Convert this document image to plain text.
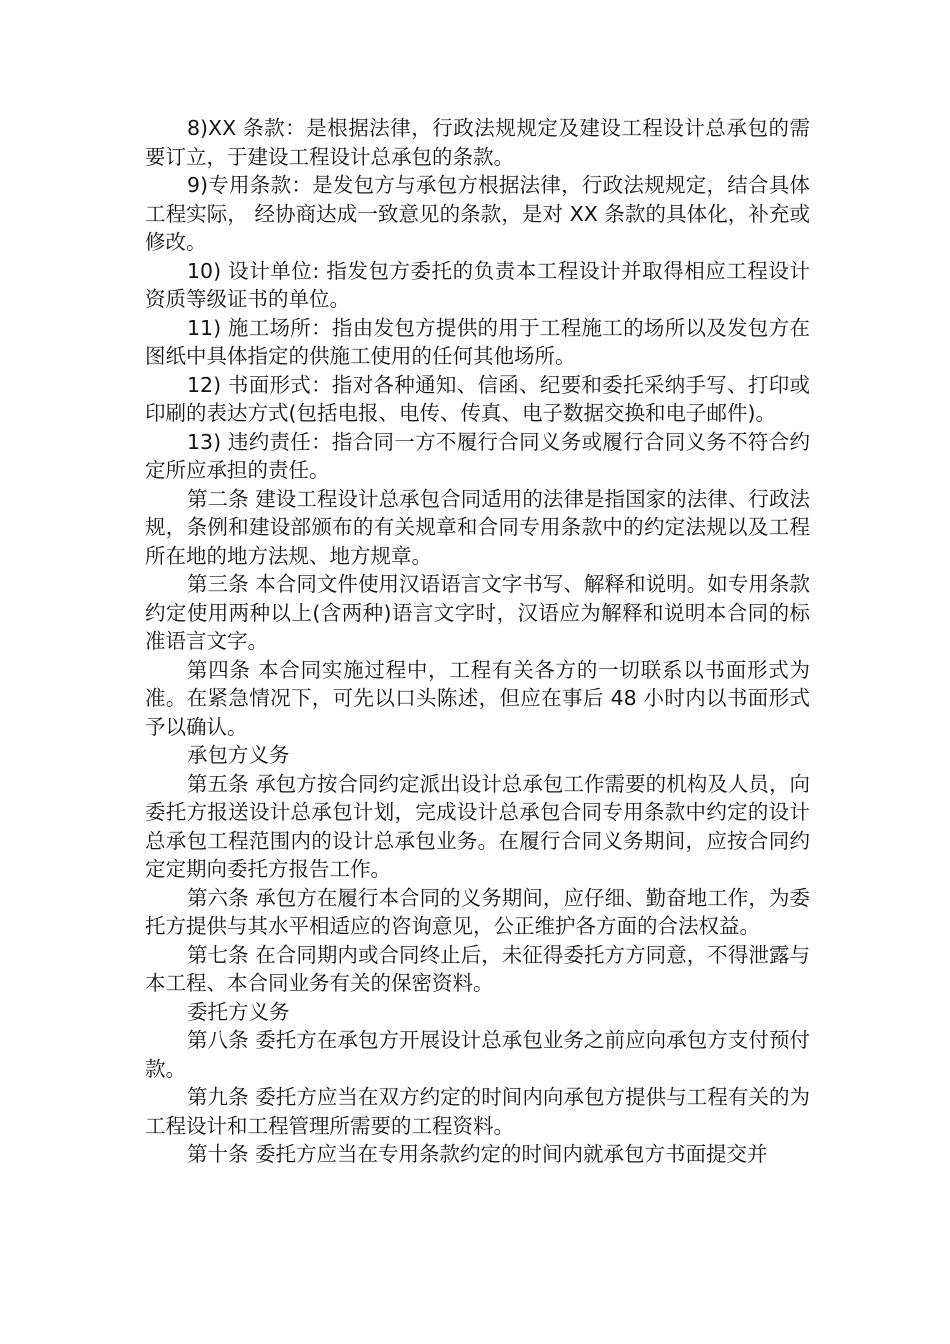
8)XX 条款：是根据法律，行政法规规定及建设工程设计总承包的需要订立，于建设工程设计总承包的条款。

9)专用条款：是发包方与承包方根据法律，行政法规规定，结合具体工程实际， 经协商达成一致意见的条款，是对 XX 条款的具体化，补充或修改。

10) 设计单位: 指发包方委托的负责本工程设计并取得相应工程设计资质等级证书的单位。

11) 施工场所：指由发包方提供的用于工程施工的场所以及发包方在图纸中具体指定的供施工使用的任何其他场所。

12) 书面形式：指对各种通知、信函、纪要和委托采纳手写、打印或印刷的表达方式(包括电报、电传、传真、电子数据交换和电子邮件)。

13) 违约责任：指合同一方不履行合同义务或履行合同义务不符合约定所应承担的责任。

第二条 建设工程设计总承包合同适用的法律是指国家的法律、行政法规，条例和建设部颁布的有关规章和合同专用条款中的约定法规以及工程所在地的地方法规、地方规章。

第三条 本合同文件使用汉语语言文字书写、解释和说明。如专用条款约定使用两种以上(含两种)语言文字时，汉语应为解释和说明本合同的标准语言文字。

第四条 本合同实施过程中，工程有关各方的一切联系以书面形式为准。在紧急情况下，可先以口头陈述，但应在事后 48 小时内以书面形式予以确认。

承包方义务

第五条 承包方按合同约定派出设计总承包工作需要的机构及人员，向委托方报送设计总承包计划，完成设计总承包合同专用条款中约定的设计总承包工程范围内的设计总承包业务。在履行合同义务期间，应按合同约定定期向委托方报告工作。

第六条 承包方在履行本合同的义务期间，应仔细、勤奋地工作，为委托方提供与其水平相适应的咨询意见，公正维护各方面的合法权益。

第七条 在合同期内或合同终止后，未征得委托方方同意，不得泄露与本工程、本合同业务有关的保密资料。

委托方义务

第八条 委托方在承包方开展设计总承包业务之前应向承包方支付预付款。

第九条 委托方应当在双方约定的时间内向承包方提供与工程有关的为工程设计和工程管理所需要的工程资料。

第十条 委托方应当在专用条款约定的时间内就承包方书面提交并
